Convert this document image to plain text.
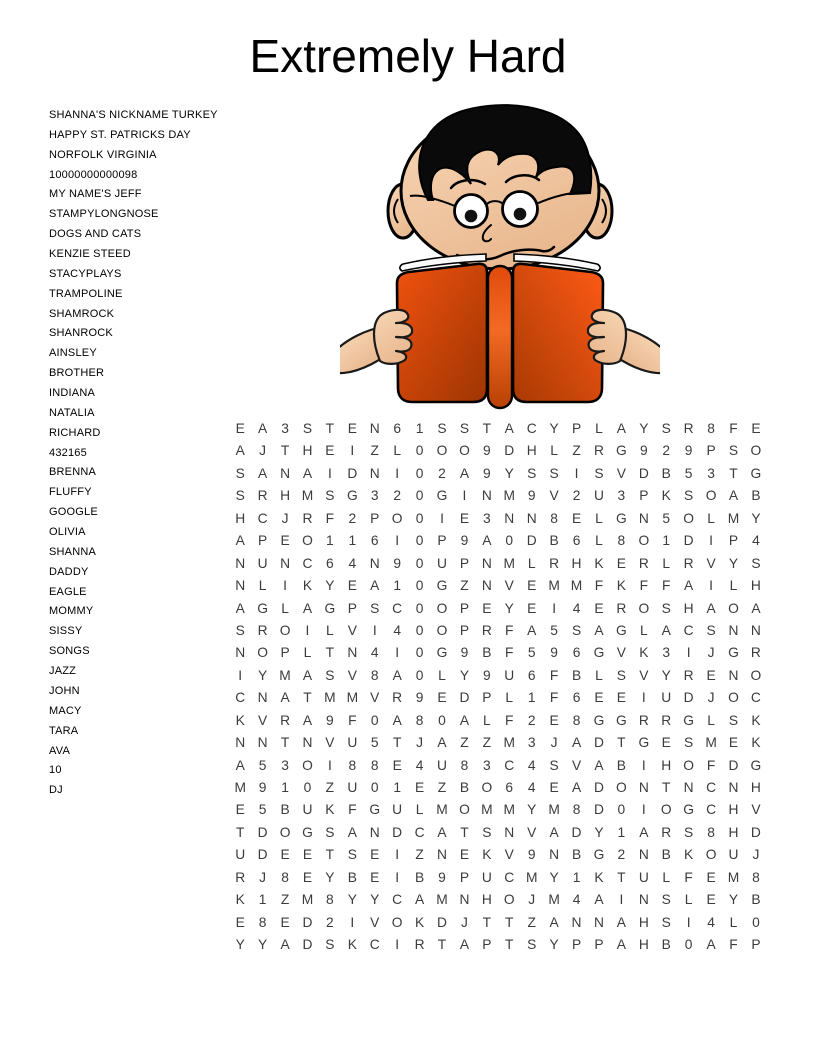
Extremely Hard
SHANNA'S NICKNAME TURKEY
HAPPY ST. PATRICKS DAY
NORFOLK VIRGINIA
10000000000098
MY NAME'S JEFF
STAMPYLONGNOSE
DOGS AND CATS
KENZIE STEED
STACYPLAYS
TRAMPOLINE
SHAMROCK
SHANROCK
AINSLEY
BROTHER
INDIANA
NATALIA
RICHARD
432165
BRENNA
FLUFFY
GOOGLE
OLIVIA
SHANNA
DADDY
EAGLE
MOMMY
SISSY
SONGS
JAZZ
JOHN
MACY
TARA
AVA
10
DJ
E A	3	S T E N 6	1	S S T A C Y P	L	A Y S R 8	F E
A	J	T H E	I	Z	L	0 O O 9 D H L	Z R G 9	2	9	P S O
S A N A	I	D N	I	0	2	A	9	Y S S	I	S V D B	5	3	T G
S R H M S G 3	2	0 G	I	N M 9	V	2 U 3	P K S O A B
H C	J	R F	2	P O 0	I	E	3 N N 8	E	L G N 5 O L M Y
A P E O 1	1	6	I	0	P	9	A	0 D B	6	L	8 O 1 D	I	P	4
N U N C 6	4 N 9	0 U P N M L R H K E R L R V Y S
N L	I	K Y E A	1	0 G Z N V E M M F K F	F A	I	L H
A G L	A G P S C 0 O P E Y E	I	4	E R O S H A O A
S R O	I	L	V	I	4	0 O P R F A	5	S A G L	A C S N N
N O P	L	T N 4	I	0 G 9	B F	5	9	6 G V K	3	I	J G R
I	Y M A S V	8	A	0	L	Y	9 U 6	F B	L	S V Y R E N O
C N A T M M V R 9	E D P	L	1	F	6	E E	I	U D	J O C
K V R A	9	F	0	A	8	0	A	L	F	2	E	8 G G R R G L	S K
N N T N V U 5	T	J	A Z	Z M 3	J	A D T G E S M E K
A	5	3 O	I	8	8	E	4 U 8	3 C 4	S V A B	I	H O F D G
M 9	1	0	Z U 0	1	E Z B O 6	4	E A D O N T N C N H
E	5	B U K F G U L M O M M Y M 8 D 0	I	O G C H V
T D O G S A N D C A T S N V A D Y	1	A R S	8 H D
U D E E T S E	I	Z N E K V	9 N B G 2 N B K O U	J
R	J	8	E Y B E	I	B	9	P U C M Y	1	K T U L	F E M 8
K	1	Z M 8	Y Y C A M N H O J M 4	A	I	N S	L	E Y B
E	8	E D 2	I	V O K D	J	T	T	Z A N N A H S	I	4	L	0
Y Y A D S K C	I	R T A P T S Y P P A H B	0	A F P
